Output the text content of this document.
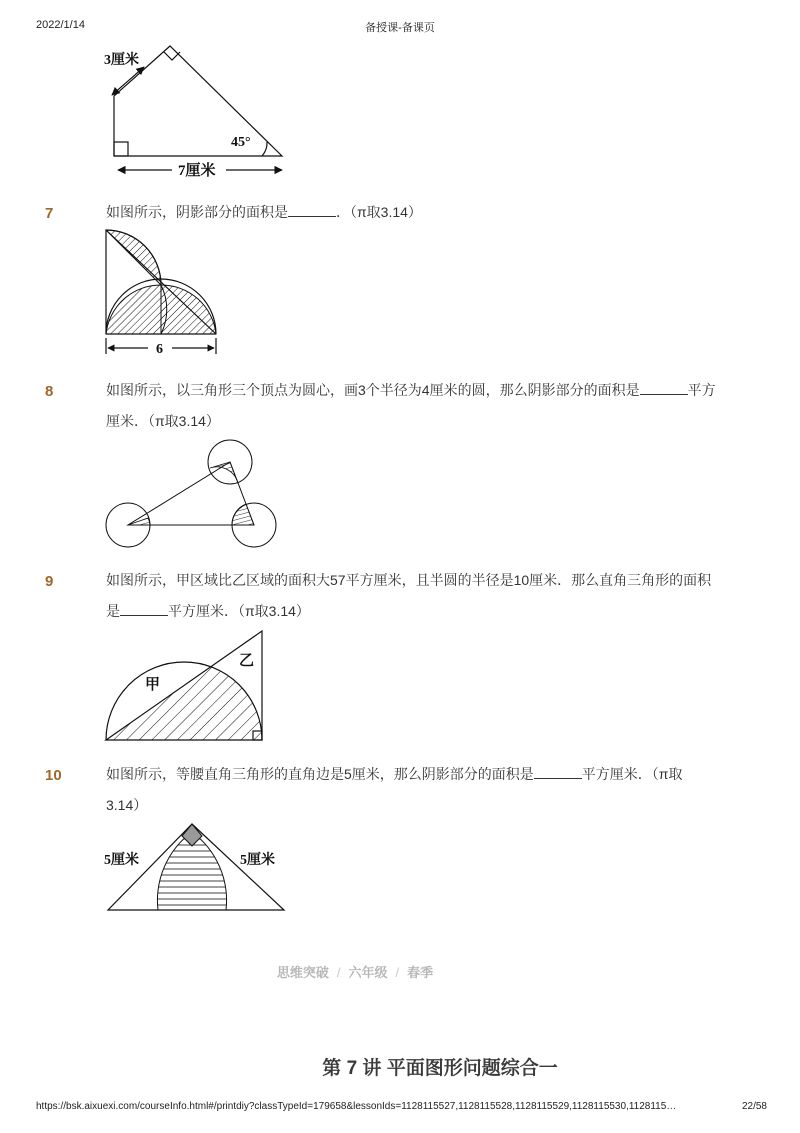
2022/1/14	备授课-备课页
3厘米
45°
7厘米
7	如图所示，阴影部分的面积是	．（π取3.14）
6
8	如图所示，以三角形三个顶点为圆心，画3个半径为4厘米的圆，那么阴影部分的面积是	平方厘米．（π取3.14）
9	如图所示，甲区域比乙区域的面积大57平方厘米，且半圆的半径是10厘米．那么直角三角形的面积是	平方厘米．（π取3.14）
甲
乙
10	如图所示，等腰直角三角形的直角边是5厘米，那么阴影部分的面积是	平方厘米．（π取3.14）
5厘米	5厘米
思维突破 / 六年级 / 春季
第 7 讲 平面图形问题综合一
https://bsk.aixuexi.com/courseInfo.html#/printdiy?classTypeId=179658&lessonIds=1128115527,1128115528,1128115529,1128115530,1128115…	22/58
